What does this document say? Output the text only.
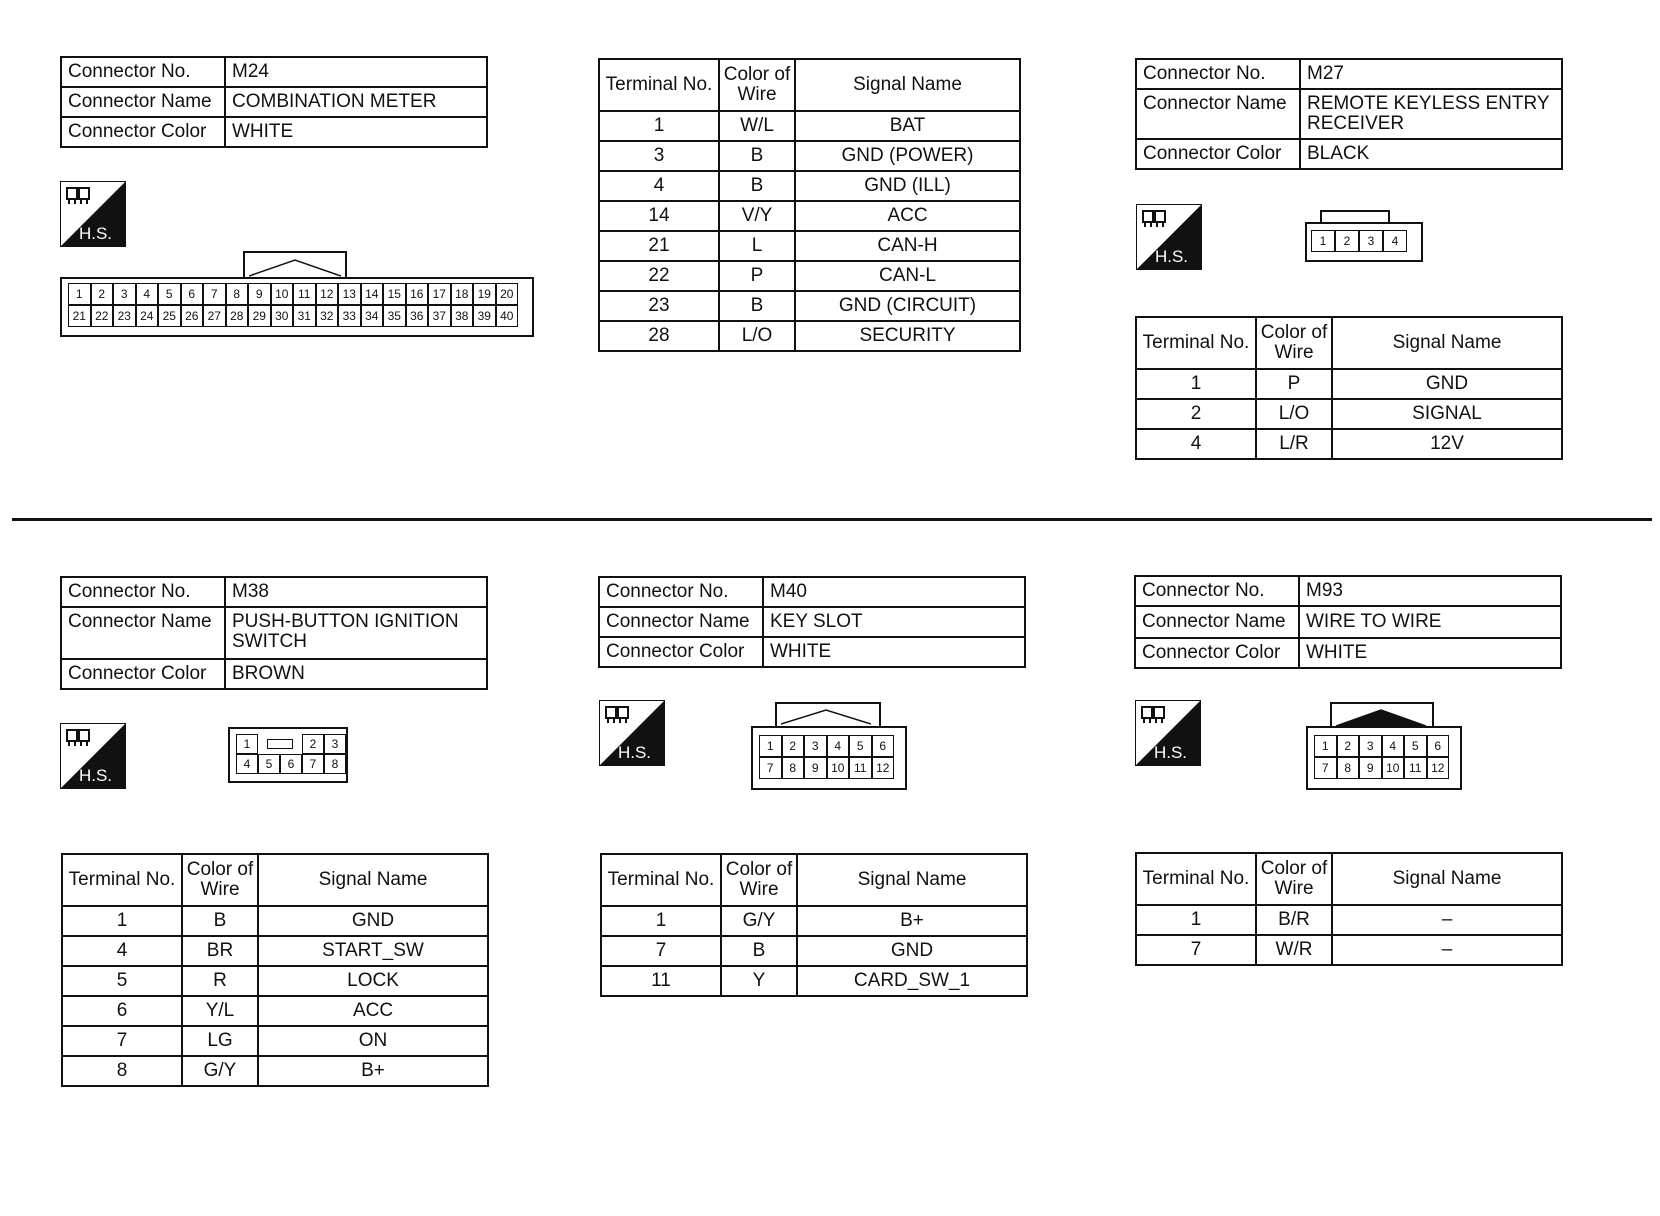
Connector No.	M24
Connector Name	COMBINATION METER
Connector Color	WHITE
H.S.
1	2	3	4	5	6	7	8	9	10 11 12 13 14 15 16 17 18 19 20
21 22 23 24 25 26 27 28 29 30 31 32 33 34 35 36 37 38 39 40
Terminal No.	Color of Wire	Signal Name
1	W/L	BAT
3	B	GND (POWER)
4	B	GND (ILL)
14	V/Y	ACC
21	L	CAN-H
22	P	CAN-L
23	B	GND (CIRCUIT)
28	L/O	SECURITY
Connector No.	M27
Connector Name	REMOTE KEYLESS ENTRY RECEIVER
Connector Color	BLACK
H.S.
1	2	3	4
Terminal No.	Color of Wire	Signal Name
1	P	GND
2	L/O	SIGNAL
4	L/R	12V
Connector No.	M38
Connector Name	PUSH-BUTTON IGNITION SWITCH
Connector Color	BROWN
H.S.
1	2	3
4	5	6	7	8
Terminal No.	Color of Wire	Signal Name
1	B	GND
4	BR	START_SW
5	R	LOCK
6	Y/L	ACC
7	LG	ON
8	G/Y	B+
Connector No.	M40
Connector Name	KEY SLOT
Connector Color	WHITE
H.S.	1	2	3	4	5	6
7	8	9	10 11 12
Terminal No.	Color of Wire	Signal Name
1	G/Y	B+
7	B	GND
11	Y	CARD_SW_1
Connector No.	M93
Connector Name	WIRE TO WIRE
Connector Color	WHITE
H.S.	1	2	3	4	5	6
7	8	9	10 11 12
Terminal No.	Color of Wire	Signal Name
1	B/R	–
7	W/R	–
